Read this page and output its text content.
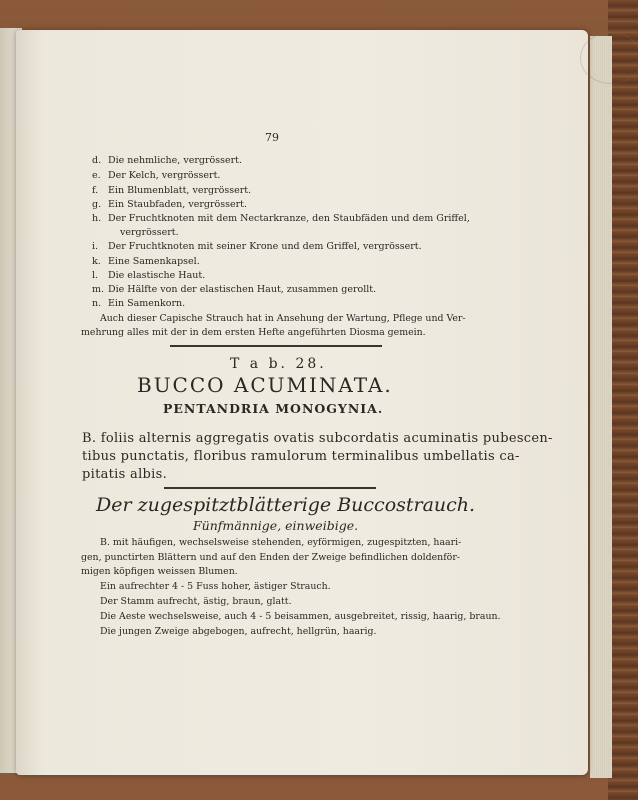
79
d. Die nehmliche, vergrössert.
e. Der Kelch, vergrössert.
f. Ein Blumenblatt, vergrössert.
g. Ein Staubfaden, vergrössert.
h. Der Fruchtknoten mit dem Nectarkranze, den Staubfäden und dem Griffel,
vergrössert.
i. Der Fruchtknoten mit seiner Krone und dem Griffel, vergrössert.
k. Eine Samenkapsel.
l. Die elastische Haut.
m. Die Hälfte von der elastischen Haut, zusammen gerollt.
n. Ein Samenkorn.
Auch dieser Capische Strauch hat in Ansehung der Wartung, Pflege und Ver-
mehrung alles mit der in dem ersten Hefte angeführten Diosma gemein.
T a b. 28.
BUCCO ACUMINATA.
PENTANDRIA MONOGYNIA.
B. foliis alternis aggregatis ovatis subcordatis acuminatis pubescen-
tibus punctatis, floribus ramulorum terminalibus umbellatis ca-
pitatis albis.
Der zugespitztblätterige Buccostrauch.
Fünfmännige, einweibige.
B. mit häufigen, wechselsweise stehenden, eyförmigen, zugespitzten, haari-
gen, punctirten Blättern und auf den Enden der Zweige befindlichen doldenför-
migen köpfigen weissen Blumen.
Ein aufrechter 4 - 5 Fuss hoher, ästiger Strauch.
Der Stamm aufrecht, ästig, braun, glatt.
Die Aeste wechselsweise, auch 4 - 5 beisammen, ausgebreitet, rissig, haarig, braun.
Die jungen Zweige abgebogen, aufrecht, hellgrün, haarig.
